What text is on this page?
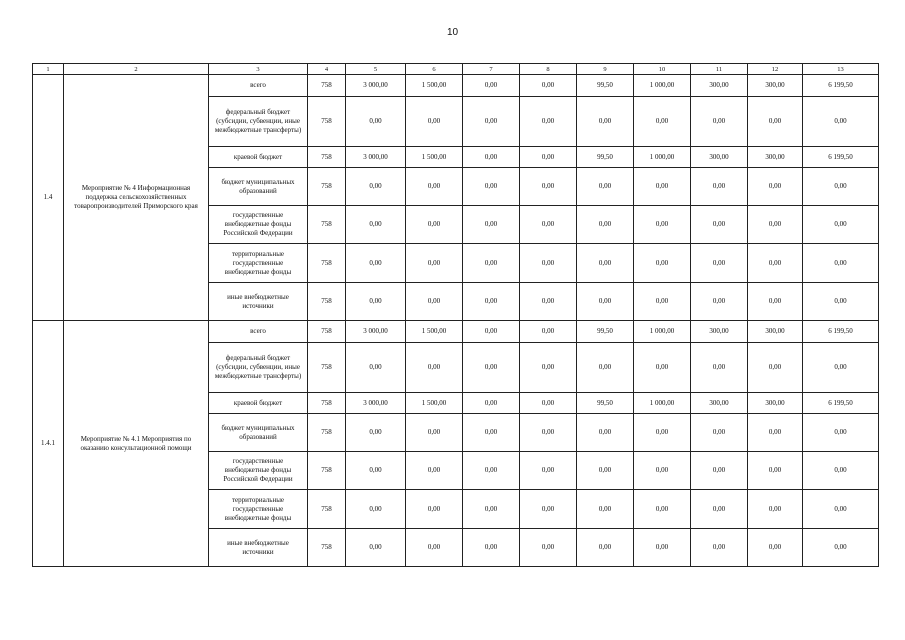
10
1	2	3	4	5	6	7	8	9	10	11	12	13
1.4	Мероприятие № 4 Информационная поддержка сельскохозяйственных товаропроизводителей Приморского края	всего	758	3 000,00	1 500,00	0,00	0,00	99,50	1 000,00	300,00	300,00	6 199,50
		федеральный бюджет (субсидии, субвенции, иные межбюджетные трансферты)	758	0,00	0,00	0,00	0,00	0,00	0,00	0,00	0,00	0,00
		краевой бюджет	758	3 000,00	1 500,00	0,00	0,00	99,50	1 000,00	300,00	300,00	6 199,50
		бюджет муниципальных образований	758	0,00	0,00	0,00	0,00	0,00	0,00	0,00	0,00	0,00
		государственные внебюджетные фонды Российской Федерации	758	0,00	0,00	0,00	0,00	0,00	0,00	0,00	0,00	0,00
		территориальные государственные внебюджетные фонды	758	0,00	0,00	0,00	0,00	0,00	0,00	0,00	0,00	0,00
		иные внебюджетные источники	758	0,00	0,00	0,00	0,00	0,00	0,00	0,00	0,00	0,00
1.4.1	Мероприятие № 4.1 Мероприятия по оказанию консультационной помощи	всего	758	3 000,00	1 500,00	0,00	0,00	99,50	1 000,00	300,00	300,00	6 199,50
		федеральный бюджет (субсидии, субвенции, иные межбюджетные трансферты)	758	0,00	0,00	0,00	0,00	0,00	0,00	0,00	0,00	0,00
		краевой бюджет	758	3 000,00	1 500,00	0,00	0,00	99,50	1 000,00	300,00	300,00	6 199,50
		бюджет муниципальных образований	758	0,00	0,00	0,00	0,00	0,00	0,00	0,00	0,00	0,00
		государственные внебюджетные фонды Российской Федерации	758	0,00	0,00	0,00	0,00	0,00	0,00	0,00	0,00	0,00
		территориальные государственные внебюджетные фонды	758	0,00	0,00	0,00	0,00	0,00	0,00	0,00	0,00	0,00
		иные внебюджетные источники	758	0,00	0,00	0,00	0,00	0,00	0,00	0,00	0,00	0,00
